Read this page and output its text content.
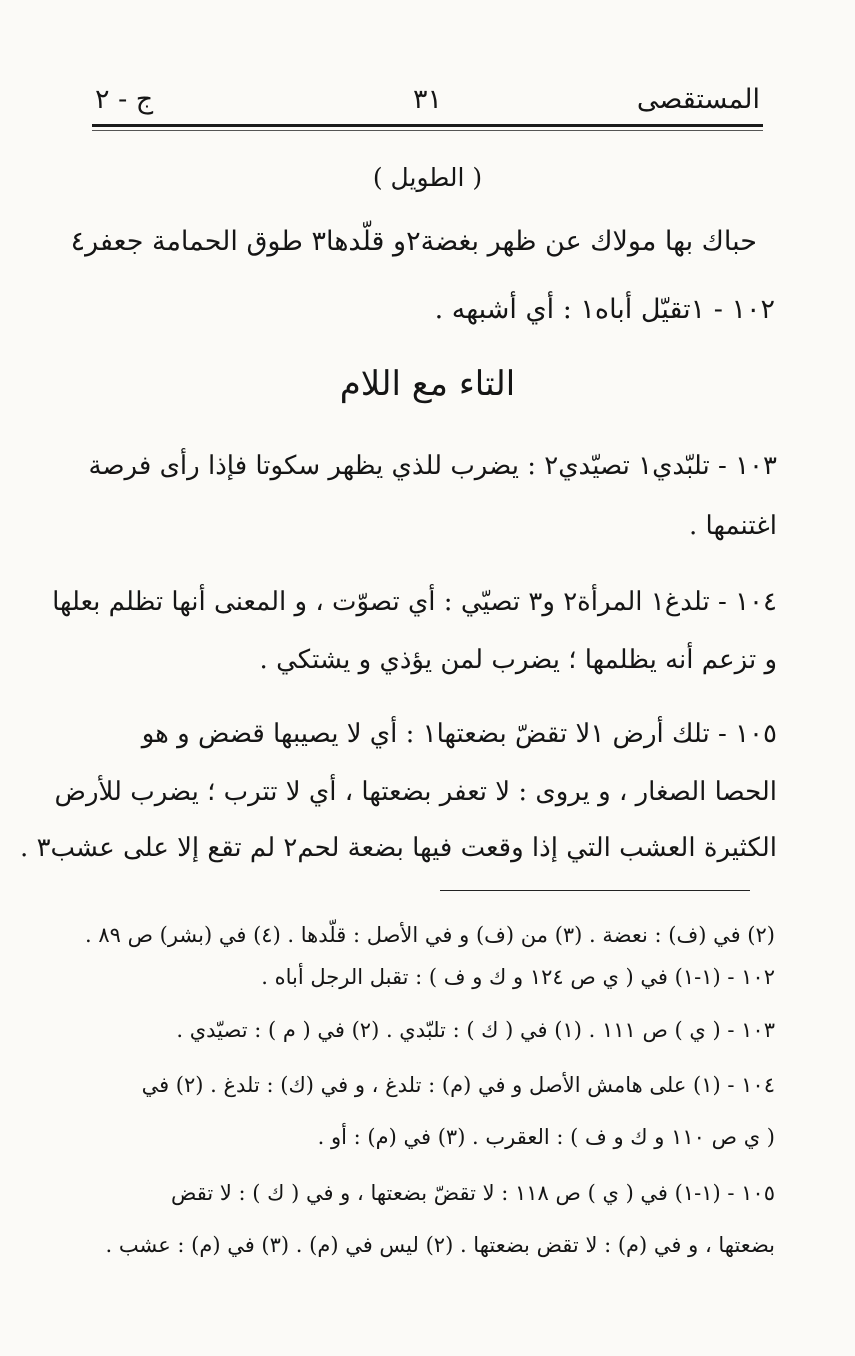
المستقصى
٣١
ج - ٢
( الطويل )
حباك بها مولاك عن ظهر بغضة٢
و قلّدها٣ طوق الحمامة جعفر٤
١٠٢ - ١تقيّل أباه١ : أي أشبهه .
التاء مع اللام
١٠٣ - تلبّدي١ تصيّدي٢ : يضرب للذي يظهر سكوتا فإذا رأى فرصة
اغتنمها .
١٠٤ - تلدغ١ المرأة٢ و٣ تصيّي : أي تصوّت ، و المعنى أنها تظلم بعلها
و تزعم أنه يظلمها ؛ يضرب لمن يؤذي و يشتكي .
١٠٥ - تلك أرض ١لا تقضّ بضعتها١ : أي لا يصيبها قضض و هو
الحصا الصغار ، و يروى : لا تعفر بضعتها ، أي لا تترب ؛ يضرب للأرض
الكثيرة العشب التي إذا وقعت فيها بضعة لحم٢ لم تقع إلا على عشب٣ .
(٢) في (ف) : نعضة . (٣) من (ف) و في الأصل : قلّدها . (٤) في (بشر) ص ٨٩ .
١٠٢ - (١-١) في ( ي ص ١٢٤ و ك و ف ) : تقبل الرجل أباه .
١٠٣ - ( ي ) ص ١١١ . (١) في ( ك ) : تلبّدي . (٢) في ( م ) : تصيّدي .
١٠٤ - (١) على هامش الأصل و في (م) : تلدغ ، و في (ك) : تلدغ . (٢) في
( ي ص ١١٠ و ك و ف ) : العقرب . (٣) في (م) : أو .
١٠٥ - (١-١) في ( ي ) ص ١١٨ : لا تقضّ بضعتها ، و في ( ك ) : لا تقض
بضعتها ، و في (م) : لا تقض بضعتها . (٢) ليس في (م) . (٣) في (م) : عشب .
